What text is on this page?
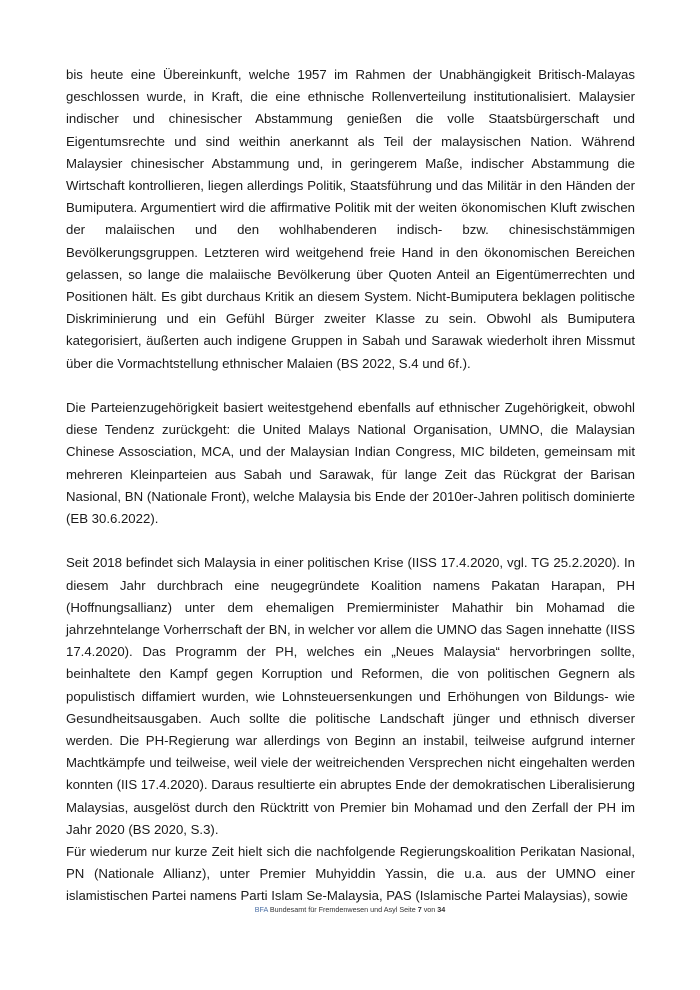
bis heute eine Übereinkunft, welche 1957 im Rahmen der Unabhängigkeit Britisch-Malayas geschlossen wurde, in Kraft, die eine ethnische Rollenverteilung institutionalisiert. Malaysier indischer und chinesischer Abstammung genießen die volle Staatsbürgerschaft und Eigentumsrechte und sind weithin anerkannt als Teil der malaysischen Nation. Während Malaysier chinesischer Abstammung und, in geringerem Maße, indischer Abstammung die Wirtschaft kontrollieren, liegen allerdings Politik, Staatsführung und das Militär in den Händen der Bumiputera. Argumentiert wird die affirmative Politik mit der weiten ökonomischen Kluft zwischen der malaiischen und den wohlhabenderen indisch- bzw. chinesischstämmigen Bevölkerungsgruppen. Letzteren wird weitgehend freie Hand in den ökonomischen Bereichen gelassen, so lange die malaiische Bevölkerung über Quoten Anteil an Eigentümerrechten und Positionen hält. Es gibt durchaus Kritik an diesem System. Nicht-Bumiputera beklagen politische Diskriminierung und ein Gefühl Bürger zweiter Klasse zu sein. Obwohl als Bumiputera kategorisiert, äußerten auch indigene Gruppen in Sabah und Sarawak wiederholt ihren Missmut über die Vormachtstellung ethnischer Malaien (BS 2022, S.4 und 6f.).

Die Parteienzugehörigkeit basiert weitestgehend ebenfalls auf ethnischer Zugehörigkeit, obwohl diese Tendenz zurückgeht: die United Malays National Organisation, UMNO, die Malaysian Chinese Assosciation, MCA, und der Malaysian Indian Congress, MIC bildeten, gemeinsam mit mehreren Kleinparteien aus Sabah und Sarawak, für lange Zeit das Rückgrat der Barisan Nasional, BN (Nationale Front), welche Malaysia bis Ende der 2010er-Jahren politisch dominierte (EB 30.6.2022).

Seit 2018 befindet sich Malaysia in einer politischen Krise (IISS 17.4.2020, vgl. TG 25.2.2020). In diesem Jahr durchbrach eine neugegründete Koalition namens Pakatan Harapan, PH (Hoffnungsallianz) unter dem ehemaligen Premierminister Mahathir bin Mohamad die jahrzehntelange Vorherrschaft der BN, in welcher vor allem die UMNO das Sagen innehatte (IISS 17.4.2020). Das Programm der PH, welches ein „Neues Malaysia“ hervorbringen sollte, beinhaltete den Kampf gegen Korruption und Reformen, die von politischen Gegnern als populistisch diffamiert wurden, wie Lohnsteuersenkungen und Erhöhungen von Bildungs- wie Gesundheitsausgaben. Auch sollte die politische Landschaft jünger und ethnisch diverser werden. Die PH-Regierung war allerdings von Beginn an instabil, teilweise aufgrund interner Machtkämpfe und teilweise, weil viele der weitreichenden Versprechen nicht eingehalten werden konnten (IIS 17.4.2020). Daraus resultierte ein abruptes Ende der demokratischen Liberalisierung Malaysias, ausgelöst durch den Rücktritt von Premier bin Mohamad und den Zerfall der PH im Jahr 2020 (BS 2020, S.3).

Für wiederum nur kurze Zeit hielt sich die nachfolgende Regierungskoalition Perikatan Nasional, PN (Nationale Allianz), unter Premier Muhyiddin Yassin, die u.a. aus der UMNO einer islamistischen Partei namens Parti Islam Se-Malaysia, PAS (Islamische Partei Malaysias), sowie

BFA Bundesamt für Fremdenwesen und Asyl Seite 7 von 34
